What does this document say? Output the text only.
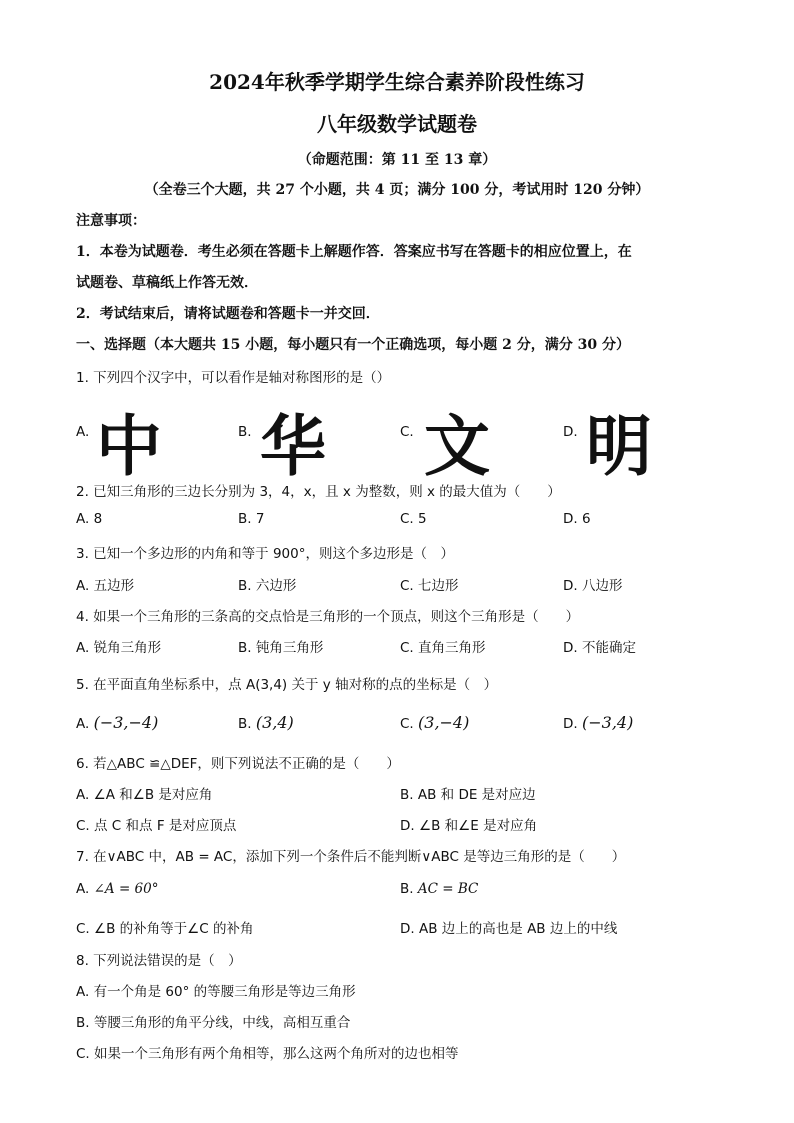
2024年秋季学期学生综合素养阶段性练习
八年级数学试题卷
（命题范围：第 11 至 13 章）
（全卷三个大题，共 27 个小题，共 4 页；满分 100 分，考试用时 120 分钟）
注意事项：
1．本卷为试题卷．考生必须在答题卡上解题作答．答案应书写在答题卡的相应位置上，在
试题卷、草稿纸上作答无效．
2．考试结束后，请将试题卷和答题卡一并交回．
一、选择题（本大题共 15 小题，每小题只有一个正确选项，每小题 2 分，满分 30 分）
1. 下列四个汉字中，可以看作是轴对称图形的是（）
A. 中	B. 华	C. 文	D. 明
2. 已知三角形的三边长分别为 3，4，x，且 x 为整数，则 x 的最大值为（　　）
A. 8	B. 7	C. 5	D. 6
3. 已知一个多边形的内角和等于 900°，则这个多边形是（　）
A. 五边形	B. 六边形	C. 七边形	D. 八边形
4. 如果一个三角形的三条高的交点恰是三角形的一个顶点，则这个三角形是（　　）
A. 锐角三角形	B. 钝角三角形	C. 直角三角形	D. 不能确定
5. 在平面直角坐标系中，点 A(3,4) 关于 y 轴对称的点的坐标是（　）
A. (−3,−4)	B. (3,4)	C. (3,−4)	D. (−3,4)
6. 若△ABC ≌△DEF，则下列说法不正确的是（　　）
A. ∠A 和∠B 是对应角	B. AB 和 DE 是对应边
C. 点 C 和点 F 是对应顶点	D. ∠B 和∠E 是对应角
7. 在∨ABC 中，AB = AC，添加下列一个条件后不能判断∨ABC 是等边三角形的是（　　）
A. ∠A = 60°	B. AC = BC
C. ∠B 的补角等于∠C 的补角	D. AB 边上的高也是 AB 边上的中线
8. 下列说法错误的是（　）
A. 有一个角是 60° 的等腰三角形是等边三角形
B. 等腰三角形的角平分线，中线，高相互重合
C. 如果一个三角形有两个角相等，那么这两个角所对的边也相等
